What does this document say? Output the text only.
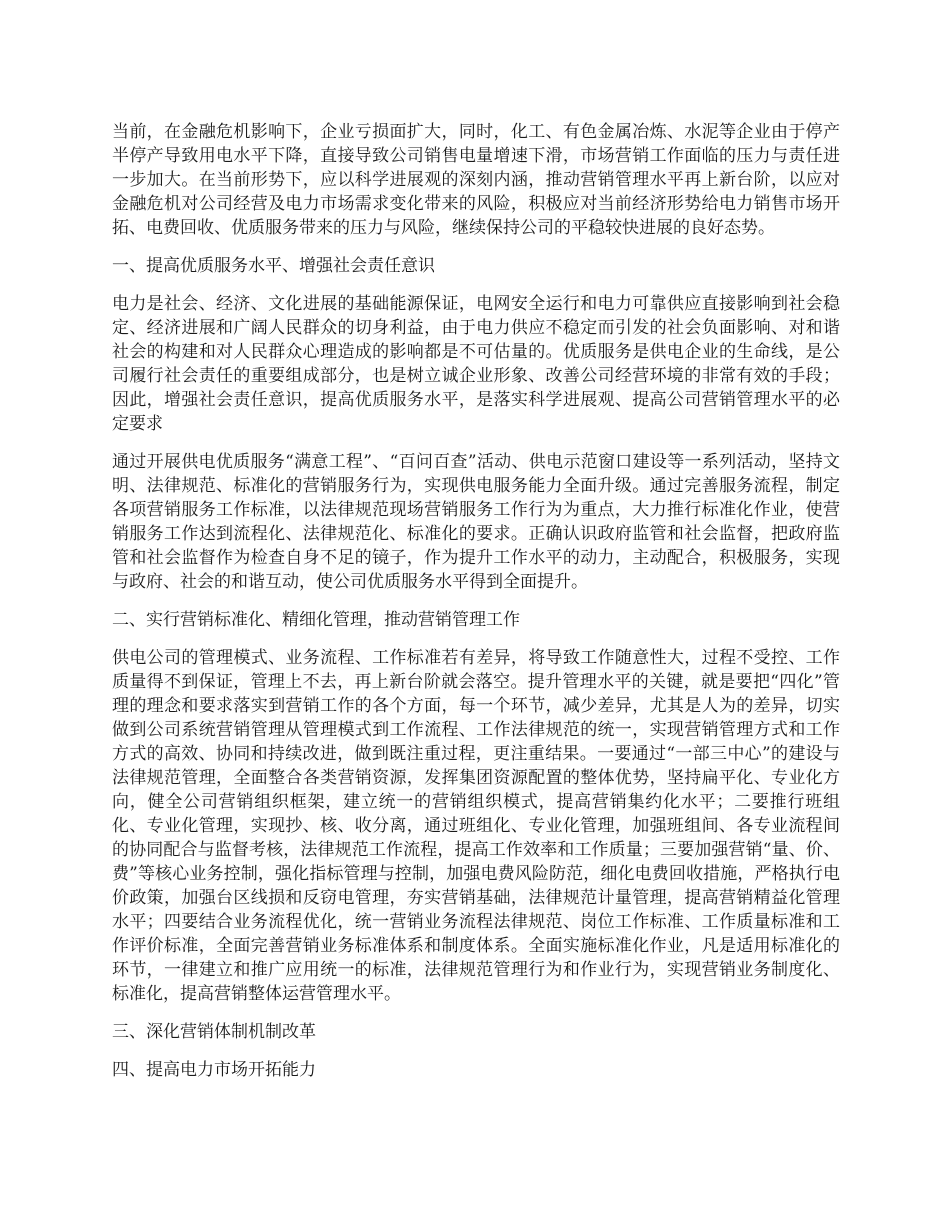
当前，在金融危机影响下，企业亏损面扩大，同时，化工、有色金属冶炼、水泥等企业由于停产半停产导致用电水平下降，直接导致公司销售电量增速下滑，市场营销工作面临的压力与责任进一步加大。在当前形势下，应以科学进展观的深刻内涵，推动营销管理水平再上新台阶，以应对金融危机对公司经营及电力市场需求变化带来的风险，积极应对当前经济形势给电力销售市场开拓、电费回收、优质服务带来的压力与风险，继续保持公司的平稳较快进展的良好态势。

一、提高优质服务水平、增强社会责任意识

电力是社会、经济、文化进展的基础能源保证，电网安全运行和电力可靠供应直接影响到社会稳定、经济进展和广阔人民群众的切身利益，由于电力供应不稳定而引发的社会负面影响、对和谐社会的构建和对人民群众心理造成的影响都是不可估量的。优质服务是供电企业的生命线，是公司履行社会责任的重要组成部分，也是树立诚企业形象、改善公司经营环境的非常有效的手段；因此，增强社会责任意识，提高优质服务水平，是落实科学进展观、提高公司营销管理水平的必定要求

通过开展供电优质服务“满意工程”、“百问百查”活动、供电示范窗口建设等一系列活动，坚持文明、法律规范、标准化的营销服务行为，实现供电服务能力全面升级。通过完善服务流程，制定各项营销服务工作标准，以法律规范现场营销服务工作行为为重点，大力推行标准化作业，使营销服务工作达到流程化、法律规范化、标准化的要求。正确认识政府监管和社会监督，把政府监管和社会监督作为检查自身不足的镜子，作为提升工作水平的动力，主动配合，积极服务，实现与政府、社会的和谐互动，使公司优质服务水平得到全面提升。

二、实行营销标准化、精细化管理，推动营销管理工作

供电公司的管理模式、业务流程、工作标准若有差异，将导致工作随意性大，过程不受控、工作质量得不到保证，管理上不去，再上新台阶就会落空。提升管理水平的关键，就是要把“四化”管理的理念和要求落实到营销工作的各个方面，每一个环节，减少差异，尤其是人为的差异，切实做到公司系统营销管理从管理模式到工作流程、工作法律规范的统一，实现营销管理方式和工作方式的高效、协同和持续改进，做到既注重过程，更注重结果。一要通过“一部三中心”的建设与法律规范管理，全面整合各类营销资源，发挥集团资源配置的整体优势，坚持扁平化、专业化方向，健全公司营销组织框架，建立统一的营销组织模式，提高营销集约化水平；二要推行班组化、专业化管理，实现抄、核、收分离，通过班组化、专业化管理，加强班组间、各专业流程间的协同配合与监督考核，法律规范工作流程，提高工作效率和工作质量；三要加强营销“量、价、费”等核心业务控制，强化指标管理与控制，加强电费风险防范，细化电费回收措施，严格执行电价政策，加强台区线损和反窃电管理，夯实营销基础，法律规范计量管理，提高营销精益化管理水平；四要结合业务流程优化，统一营销业务流程法律规范、岗位工作标准、工作质量标准和工作评价标准，全面完善营销业务标准体系和制度体系。全面实施标准化作业，凡是适用标准化的环节，一律建立和推广应用统一的标准，法律规范管理行为和作业行为，实现营销业务制度化、标准化，提高营销整体运营管理水平。

三、深化营销体制机制改革

四、提高电力市场开拓能力
